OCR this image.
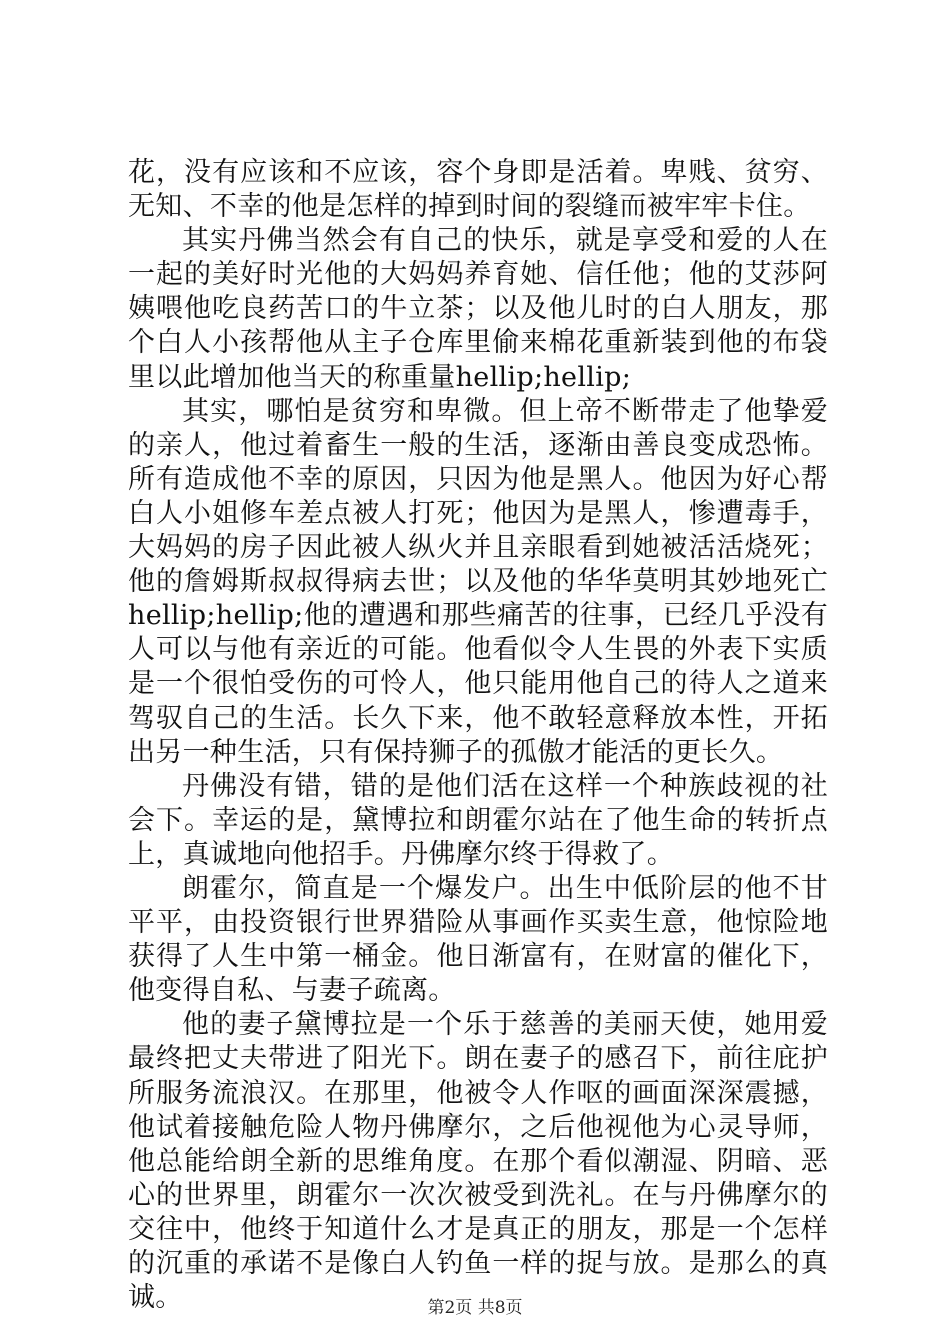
花，没有应该和不应该，容个身即是活着。卑贱、贫穷、无知、不幸的他是怎样的掉到时间的裂缝而被牢牢卡住。

其实丹佛当然会有自己的快乐，就是享受和爱的人在一起的美好时光他的大妈妈养育她、信任他；他的艾莎阿姨喂他吃良药苦口的牛立茶；以及他儿时的白人朋友，那个白人小孩帮他从主子仓库里偷来棉花重新装到他的布袋里以此增加他当天的称重量hellip;hellip;

其实，哪怕是贫穷和卑微。但上帝不断带走了他挚爱的亲人，他过着畜生一般的生活，逐渐由善良变成恐怖。所有造成他不幸的原因，只因为他是黑人。他因为好心帮白人小姐修车差点被人打死；他因为是黑人，惨遭毒手，大妈妈的房子因此被人纵火并且亲眼看到她被活活烧死；他的詹姆斯叔叔得病去世；以及他的华华莫明其妙地死亡hellip;hellip;他的遭遇和那些痛苦的往事，已经几乎没有人可以与他有亲近的可能。他看似令人生畏的外表下实质是一个很怕受伤的可怜人，他只能用他自己的待人之道来驾驭自己的生活。长久下来，他不敢轻意释放本性，开拓出另一种生活，只有保持狮子的孤傲才能活的更长久。

丹佛没有错，错的是他们活在这样一个种族歧视的社会下。幸运的是，黛博拉和朗霍尔站在了他生命的转折点上，真诚地向他招手。丹佛摩尔终于得救了。

朗霍尔，简直是一个爆发户。出生中低阶层的他不甘平平，由投资银行世界猎险从事画作买卖生意，他惊险地获得了人生中第一桶金。他日渐富有，在财富的催化下，他变得自私、与妻子疏离。

他的妻子黛博拉是一个乐于慈善的美丽天使，她用爱最终把丈夫带进了阳光下。朗在妻子的感召下，前往庇护所服务流浪汉。在那里，他被令人作呕的画面深深震撼，他试着接触危险人物丹佛摩尔，之后他视他为心灵导师，他总能给朗全新的思维角度。在那个看似潮湿、阴暗、恶心的世界里，朗霍尔一次次被受到洗礼。在与丹佛摩尔的交往中，他终于知道什么才是真正的朋友，那是一个怎样的沉重的承诺不是像白人钓鱼一样的捉与放。是那么的真诚。	第2页 共8页
